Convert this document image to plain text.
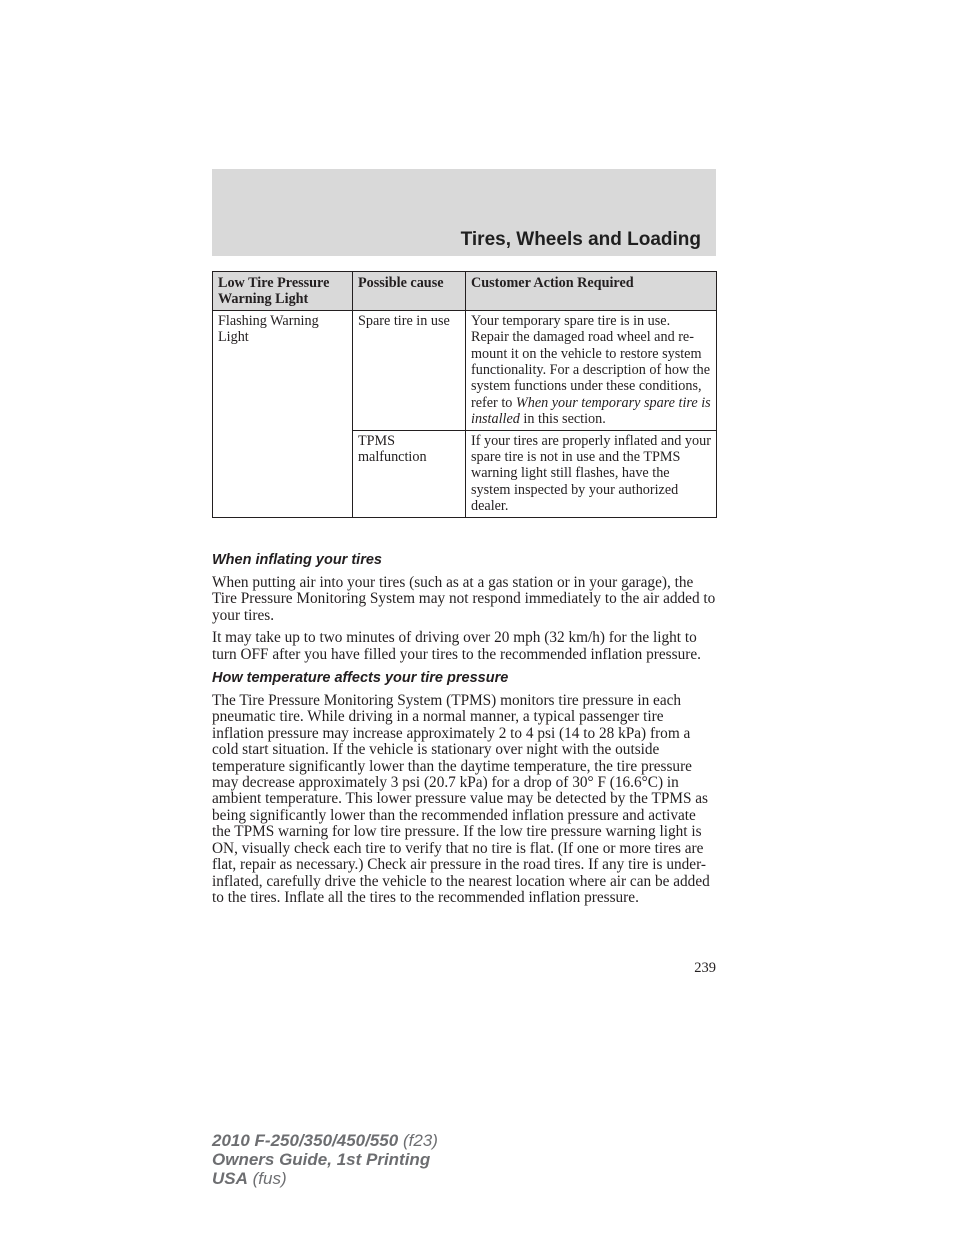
Tires, Wheels and Loading
Low Tire Pressure Warning Light	Possible cause	Customer Action Required
Flashing Warning Light	Spare tire in use	Your temporary spare tire is in use. Repair the damaged road wheel and re-mount it on the vehicle to restore system functionality. For a description of how the system functions under these conditions, refer to When your temporary spare tire is installed in this section.
	TPMS malfunction	If your tires are properly inflated and your spare tire is not in use and the TPMS warning light still flashes, have the system inspected by your authorized dealer.
When inflating your tires

When putting air into your tires (such as at a gas station or in your garage), the Tire Pressure Monitoring System may not respond immediately to the air added to your tires.

It may take up to two minutes of driving over 20 mph (32 km/h) for the light to turn OFF after you have filled your tires to the recommended inflation pressure.

How temperature affects your tire pressure

The Tire Pressure Monitoring System (TPMS) monitors tire pressure in each pneumatic tire. While driving in a normal manner, a typical passenger tire inflation pressure may increase approximately 2 to 4 psi (14 to 28 kPa) from a cold start situation. If the vehicle is stationary over night with the outside temperature significantly lower than the daytime temperature, the tire pressure may decrease approximately 3 psi (20.7 kPa) for a drop of 30° F (16.6°C) in ambient temperature. This lower pressure value may be detected by the TPMS as being significantly lower than the recommended inflation pressure and activate the TPMS warning for low tire pressure. If the low tire pressure warning light is ON, visually check each tire to verify that no tire is flat. (If one or more tires are flat, repair as necessary.) Check air pressure in the road tires. If any tire is under-inflated, carefully drive the vehicle to the nearest location where air can be added to the tires. Inflate all the tires to the recommended inflation pressure.

239
2010 F-250/350/450/550 (f23)
Owners Guide, 1st Printing
USA (fus)
